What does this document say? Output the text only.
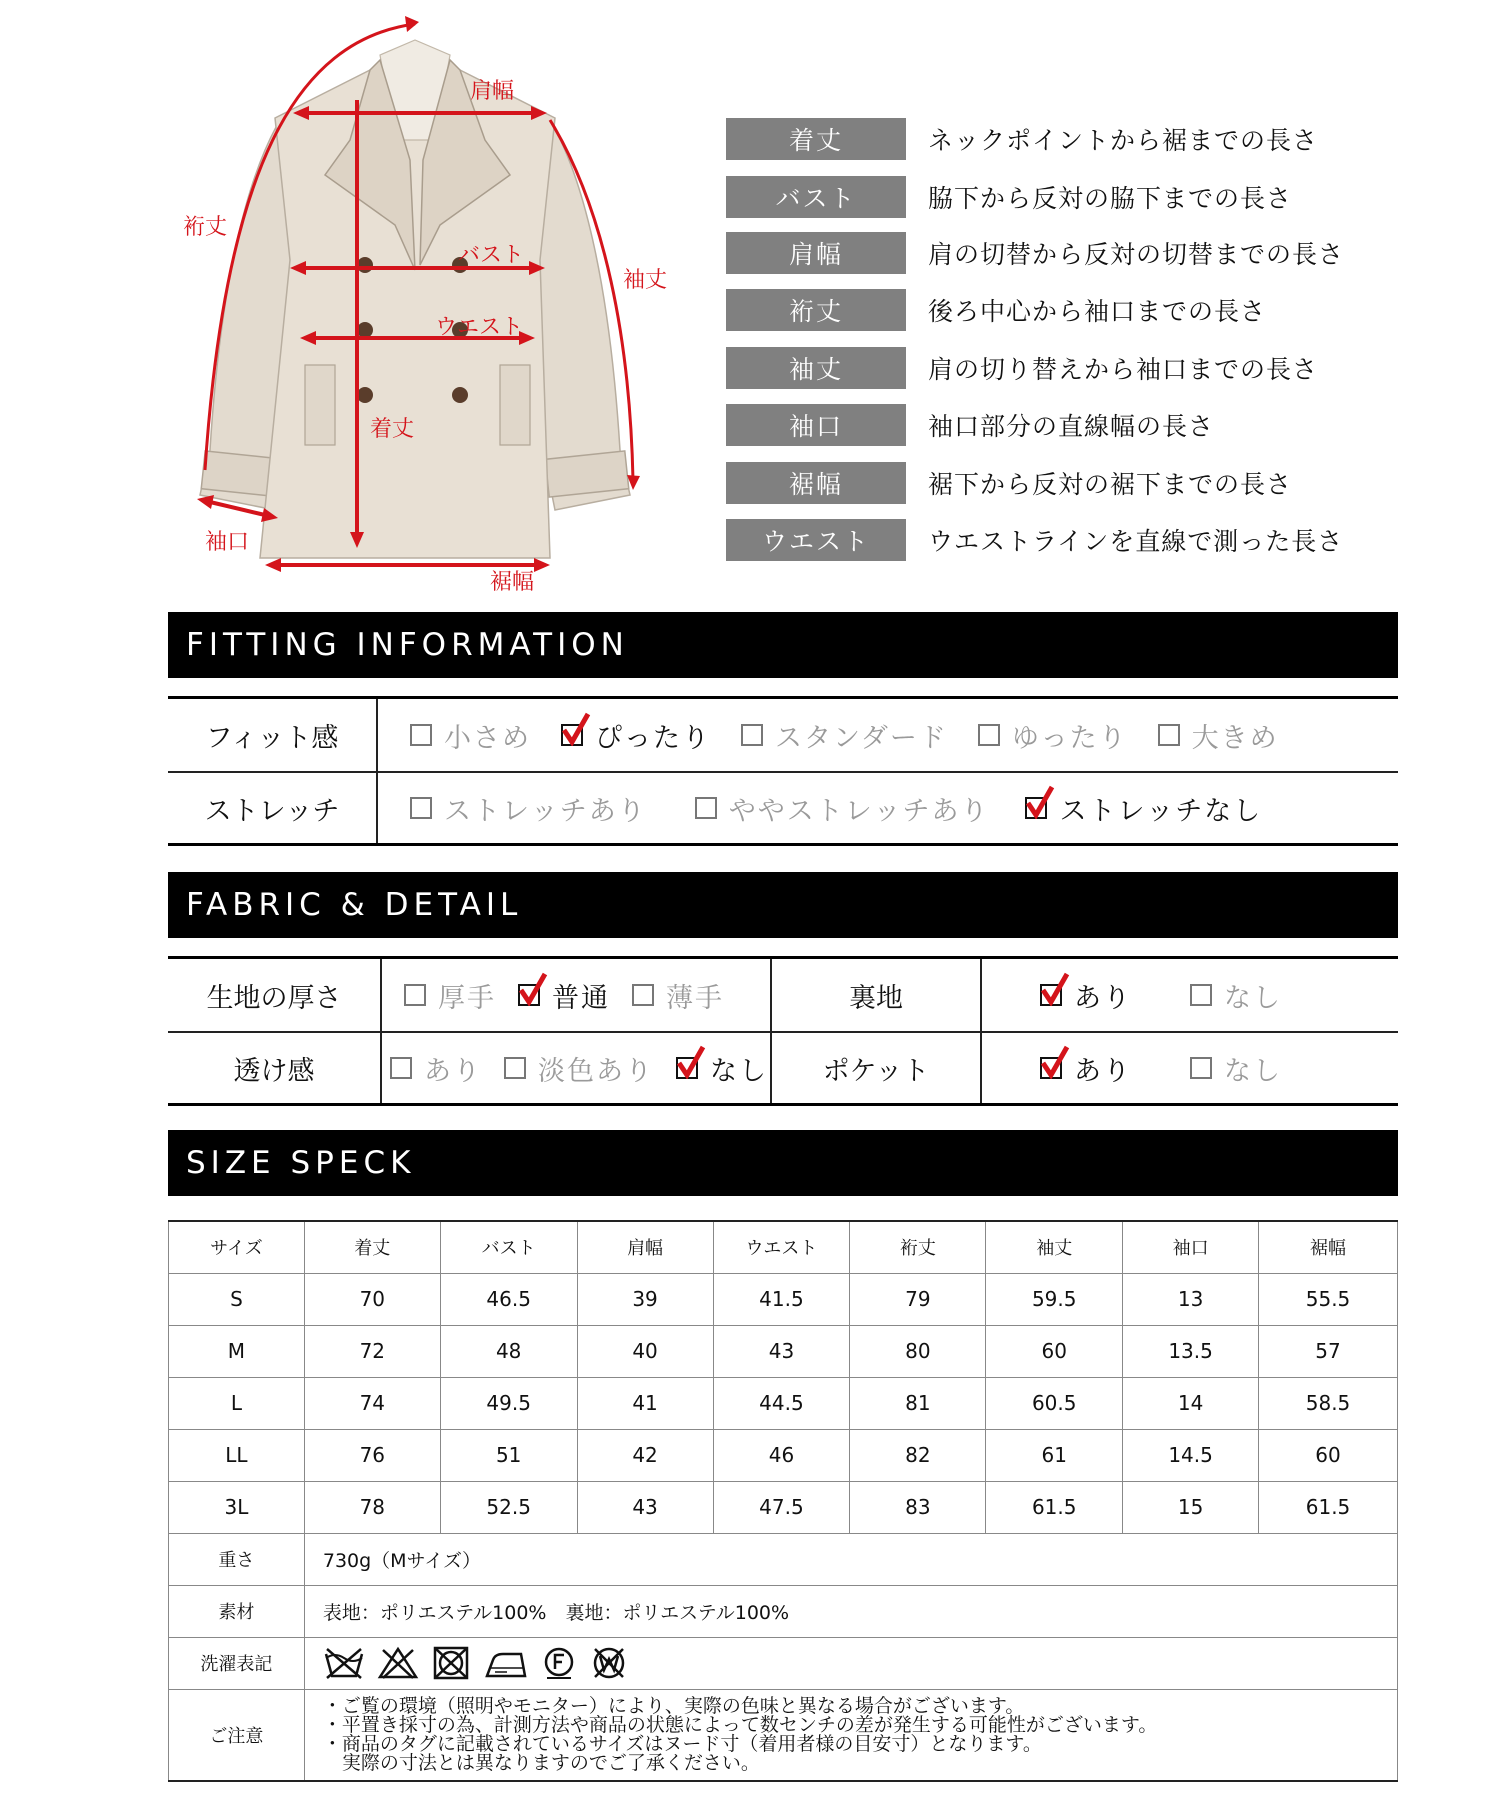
肩幅
裄丈
袖丈
バスト
ウエスト
着丈
袖口
裾幅
着丈	ネックポイントから裾までの長さ
バスト	脇下から反対の脇下までの長さ
肩幅	肩の切替から反対の切替までの長さ
裄丈	後ろ中心から袖口までの長さ
袖丈	肩の切り替えから袖口までの長さ
袖口	袖口部分の直線幅の長さ
裾幅	裾下から反対の裾下までの長さ
ウエスト	ウエストラインを直線で測った長さ
FITTING INFORMATION
フィット感	小さめ ぴったり スタンダード ゆったり 大きめ
ストレッチ	ストレッチあり	ややストレッチあり	ストレッチなし
FABRIC & DETAIL
生地の厚さ	厚手 普通 薄手	裏地	あり	なし
透け感	あり 淡色あり なし	ポケット	あり	なし
SIZE SPECK
サイズ	着丈	バスト	肩幅	ウエスト	裄丈	袖丈	袖口	裾幅
S	70	46.5	39	41.5	79	59.5	13	55.5
M	72	48	40	43	80	60	13.5	57
L	74	49.5	41	44.5	81	60.5	14	58.5
LL	76	51	42	46	82	61	14.5	60
3L	78	52.5	43	47.5	83	61.5	15	61.5
重さ	730g（Mサイズ）							
素材	表地：ポリエステル100%　裏地：ポリエステル100%							
洗濯表記	

ご注意	・ご覧の環境（照明やモニター）により、実際の色味と異なる場合がございます。
・平置き採寸の為、計測方法や商品の状態によって数センチの差が発生する可能性がございます。
・商品のタグに記載されているサイズはヌード寸（着用者様の目安寸）となります。
　実際の寸法とは異なりますのでご了承ください。							
